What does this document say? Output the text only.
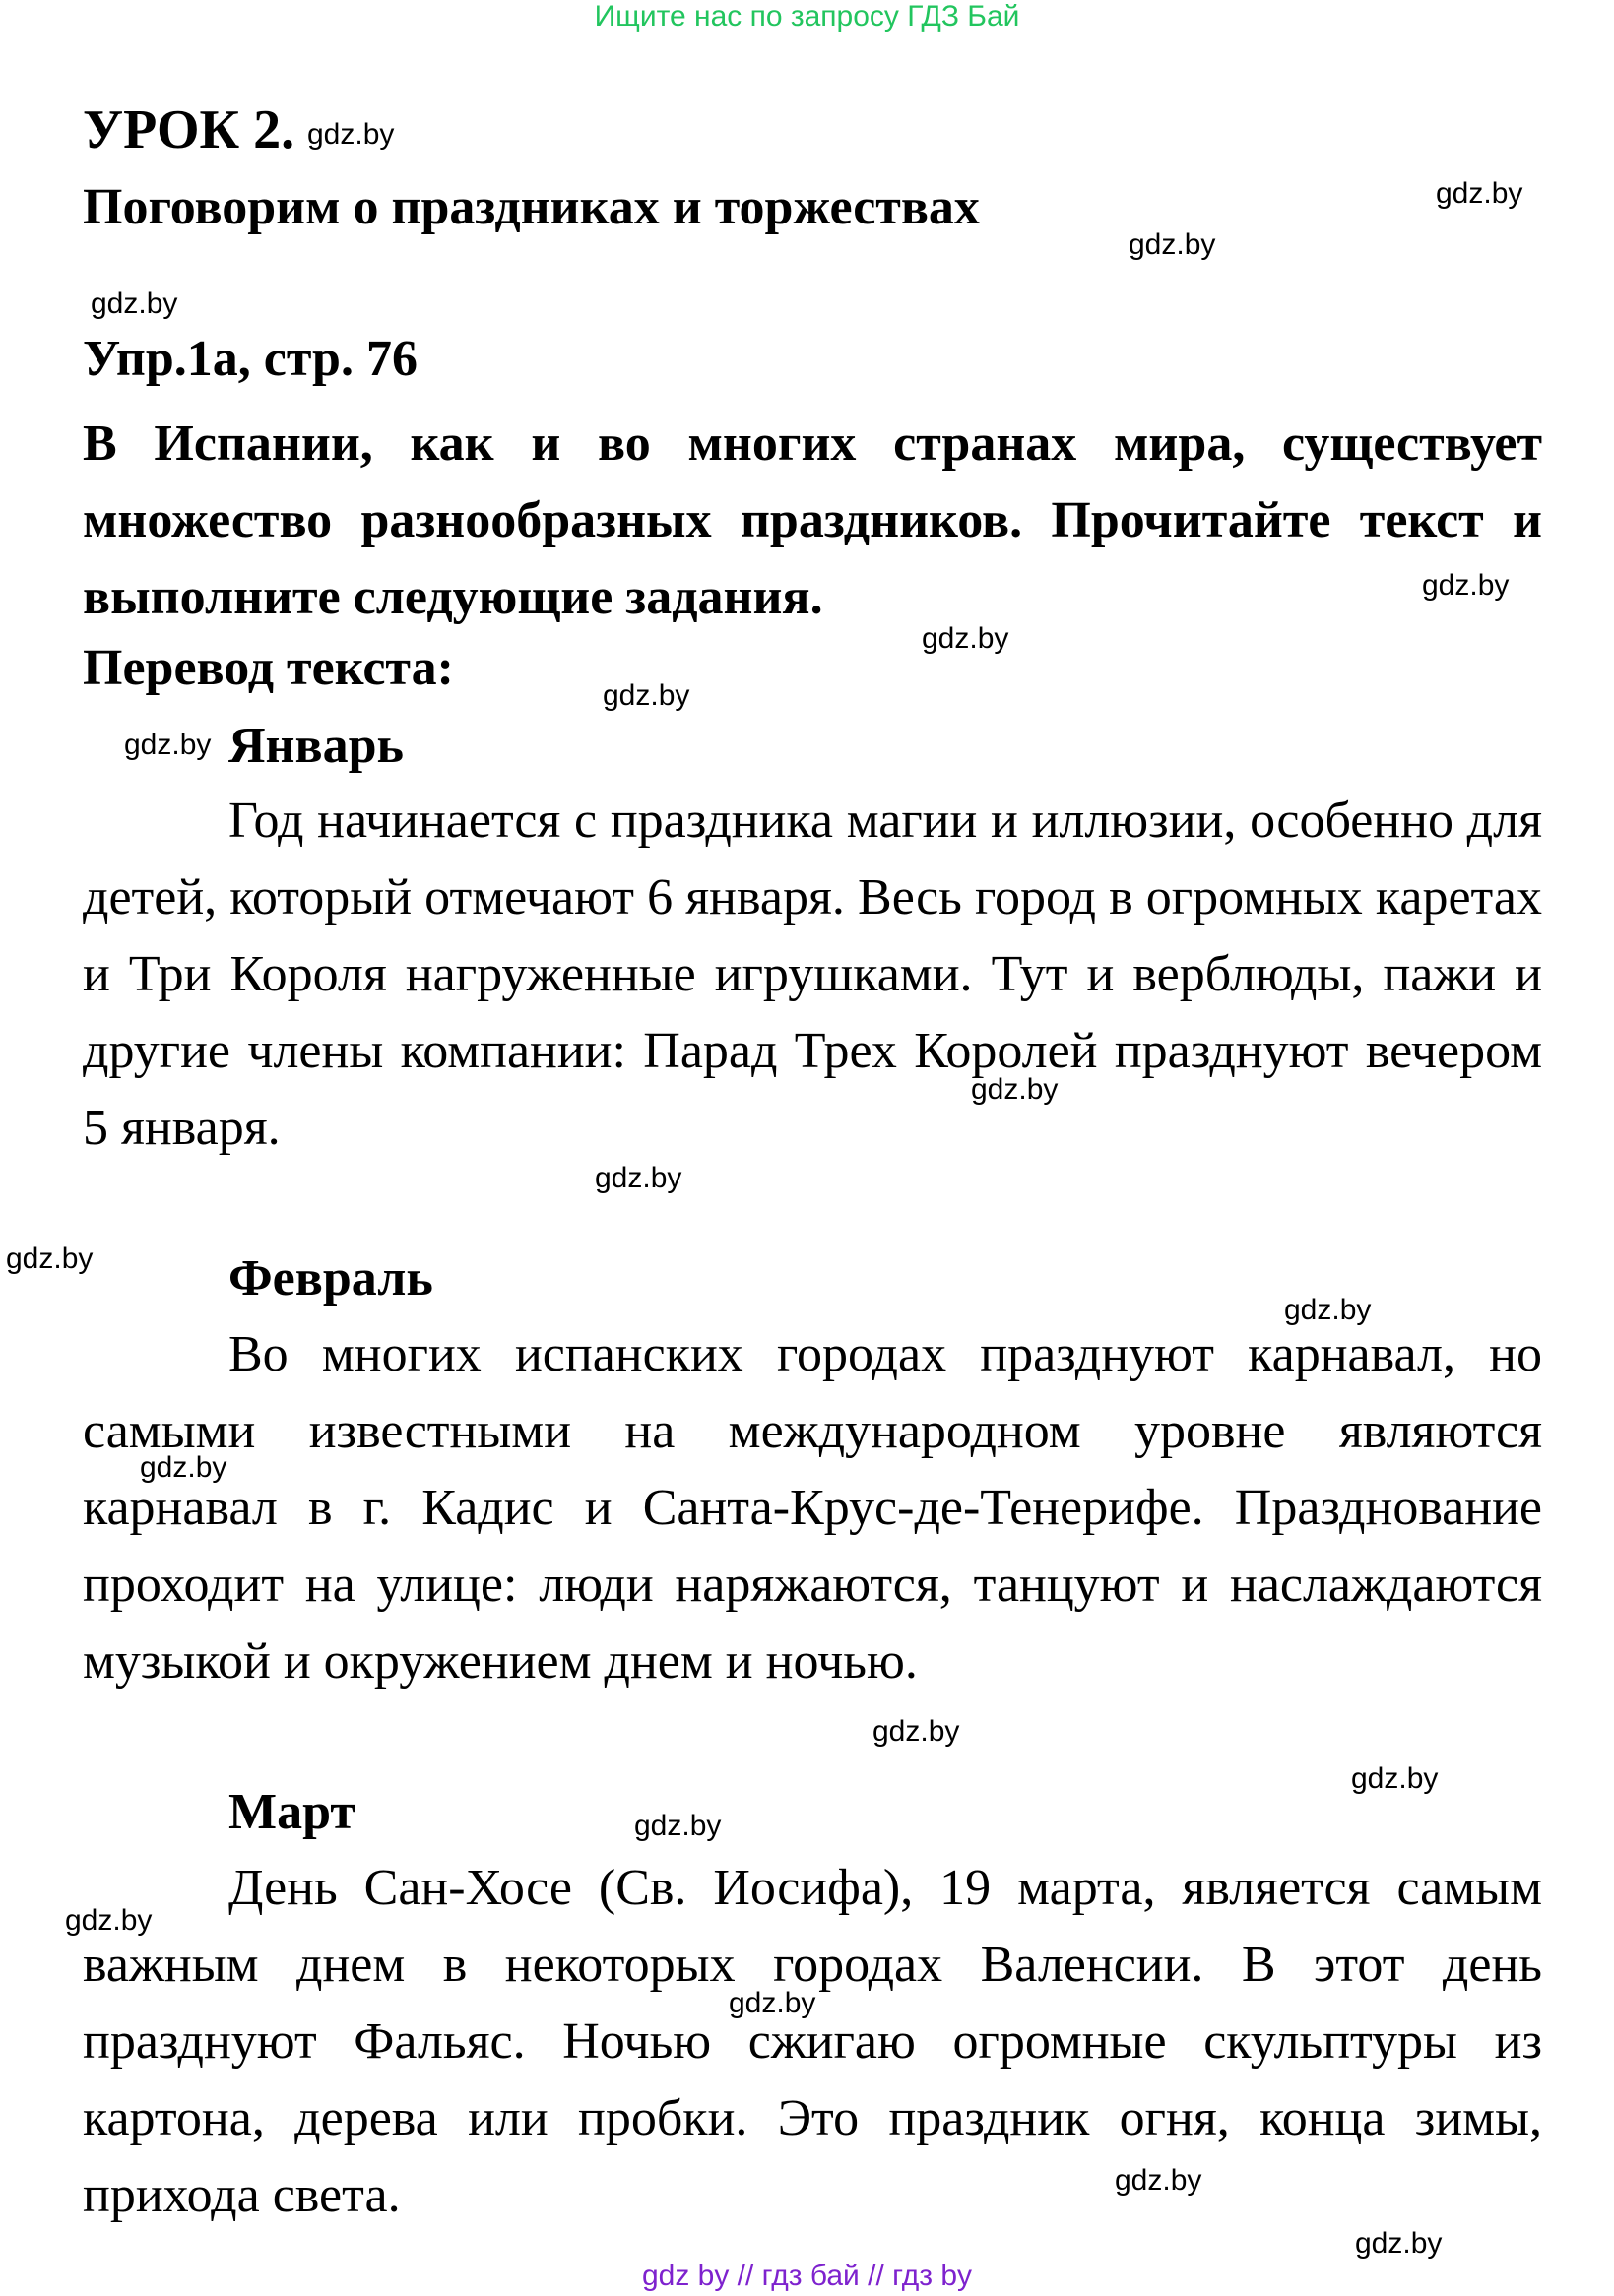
Ищите нас по запросу ГДЗ Бай
УРОК 2.
Поговорим о праздниках и торжествах
Упр.1а, стр. 76
В Испании, как и во многих странах мира, существует множество разнообразных праздников. Прочитайте текст и выполните следующие задания.
Перевод текста:
Январь
Год начинается с праздника магии и иллюзии, особенно для детей, который отмечают 6 января. Весь город в огромных каретах и Три Короля нагруженные игрушками. Тут и верблюды, пажи и другие члены компании: Парад Трех Королей празднуют вечером 5 января.
Февраль
Во многих испанских городах празднуют карнавал, но самыми известными на международном уровне являются карнавал в г. Кадис и Санта-Крус-де-Тенерифе. Празднование проходит на улице: люди наряжаются, танцуют и наслаждаются музыкой и окружением днем и ночью.
Март
День Сан-Хосе (Св. Иосифа), 19 марта, является самым важным днем в некоторых городах Валенсии. В этот день празднуют Фальяс. Ночью сжигаю огромные скульптуры из картона, дерева или пробки. Это праздник огня, конца зимы, прихода света.
gdz.by
gdz.by
gdz.by
gdz.by
gdz.by
gdz.by
gdz.by
gdz.by
gdz.by
gdz.by
gdz.by
gdz.by
gdz.by
gdz.by
gdz.by
gdz.by
gdz.by
gdz.by
gdz.by
gdz.by
gdz by // гдз бай // гдз by
